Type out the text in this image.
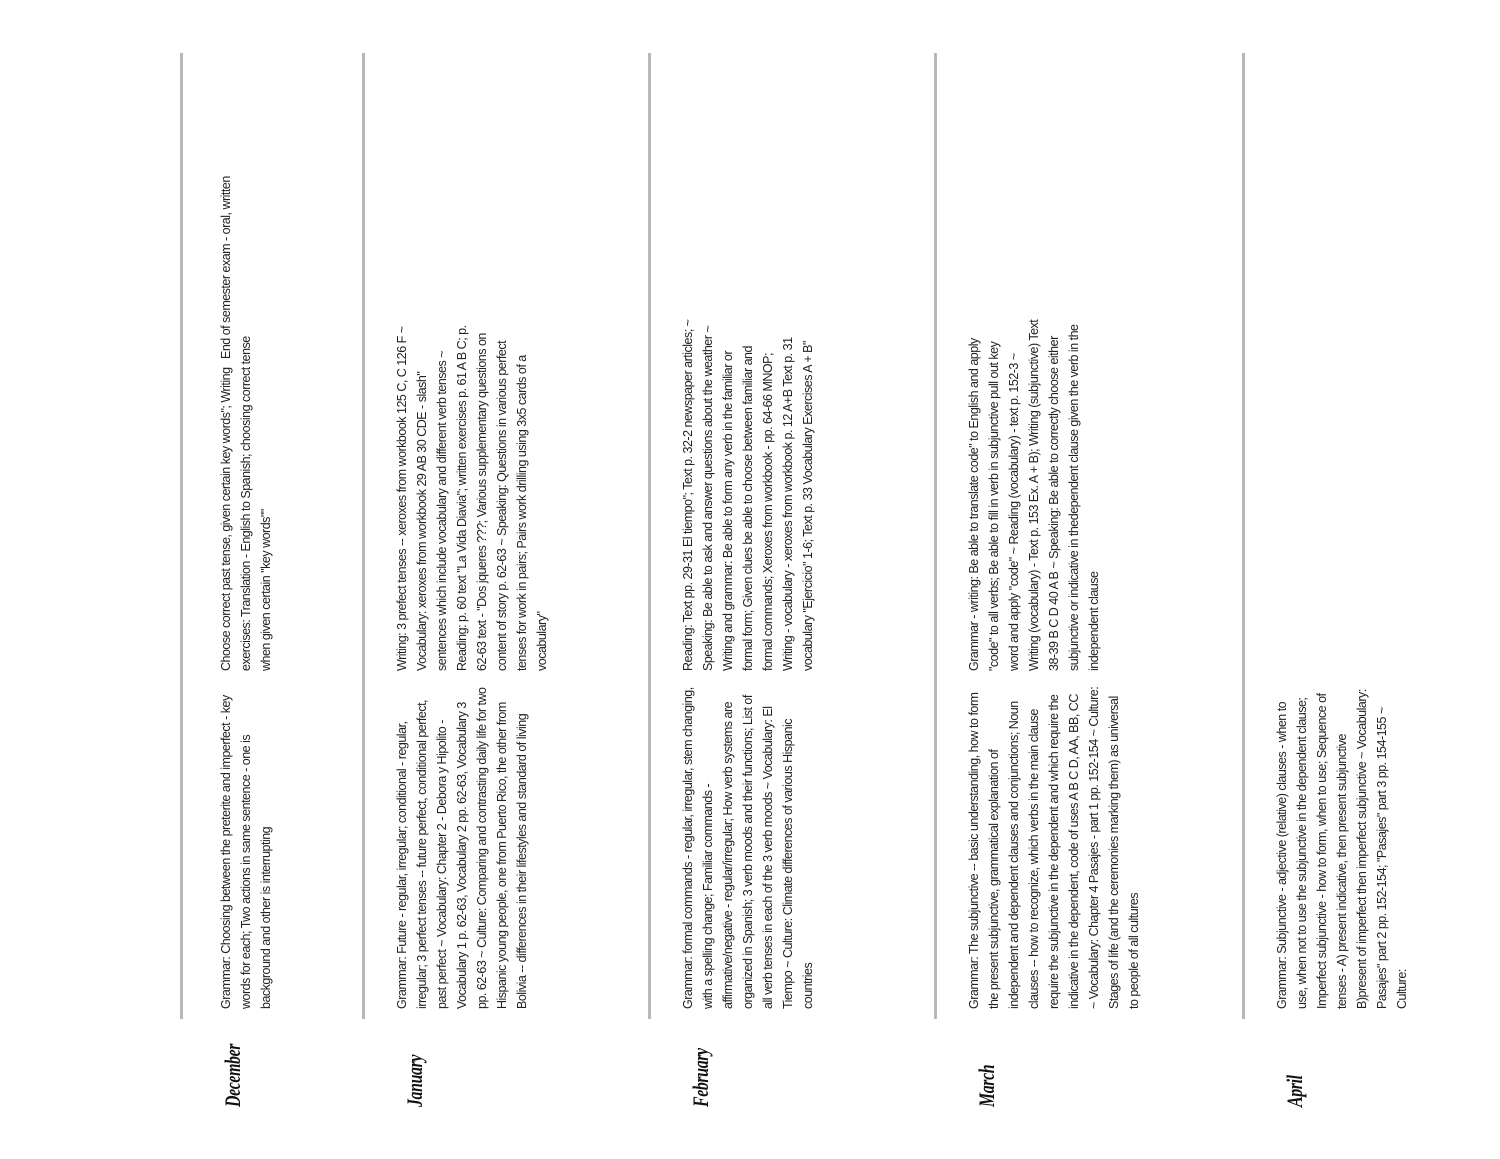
December
Grammar: Choosing between the preterite and imperfect - key words for each; Two actions in same sentence - one is background and other is interrupting
Choose correct past tense, given certain key words"; Writing exercises: Translation - English to Spanish; choosing correct tense when given certain "key words""
End of semester exam - oral, written
January
Grammar: Future - regular, irregular; conditional - regular, irregular; 3 perfect tenses -- future perfect, conditional perfect, past perfect ~ Vocabulary: Chapter 2 - Debora y Hipolito - Vocabulary 1 p. 62-63, Vocabulary 2 pp. 62-63, Vocabulary 3 pp. 62-63 ~ Culture: Comparing and contrasting daily life for two Hispanic young people, one from Puerto Rico, the other from Bolivia -- differences in their lifestyles and standard of living
Writing: 3 prefect tenses -- xeroxes from workbook 125 C, C 126 F ~ Vocabulary: xeroxes from workbook 29 AB 30 CDE - slash" sentences which include vocabulary and different verb tenses ~ Reading: p. 60 text "La Vida Diavia"; written exercises p. 61 A B C; p. 62-63 text - "Dos jqueres ???; Various supplementary questions on content of story p. 62-63 ~ Speaking: Questions in various perfect tenses for work in pairs; Pairs work drilling using 3x5 cards of a vocabulary"
February
Grammar: formal commands - regular, irregular, stem changing, with a spelling change; Familiar commands - affirmative/negative - regular/irregular; How verb systems are organized in Spanish; 3 verb moods and their functions; List of all verb tenses in each of the 3 verb moods ~ Vocabulary: El Tiempo ~ Culture: Climate differences of various Hispanic countries
Reading: Text pp. 29-31 El tiempo"; Text p. 32-2 newspaper articles; ~ Speaking: Be able to ask and answer questions about the weather ~ Writing and grammar: Be able to form any verb in the familiar or formal form; Given clues be able to choose between familiar and formal commands; Xeroxes from workbook - pp. 64-66 MNOP; Writing - vocabulary - xeroxes from workbook p. 12 A+B Text p. 31 vocabulary "Ejercicio" 1-6; Text p. 33 Vocabulary Exercises A + B"
March
Grammar: The subjunctive -- basic understanding, how to form the present subjunctive, grammatical explanation of independent and dependent clauses and conjunctions; Noun clauses -- how to recognize, which verbs in the main clause require the subjunctive in the dependent and which require the indicative in the dependent, code of uses A B C D, AA, BB, CC ~ Vocabulary: Chapter 4 Pasajes - part 1 pp. 152-154 ~ Culture: Stages of life (and the ceremonies marking them) as universal to people of all cultures
Grammar - writing: Be able to translate code" to English and apply "code" to all verbs; Be able to fill in verb in subjunctive pull out key word and apply "code" ~ Reading (vocabulary) - text p. 152-3 ~ Writing (vocabulary) - Text p. 153 Ex. A + B); Writing (subjunctive) Text 38-39 B C D 40 A B ~ Speaking: Be able to correctly choose either subjunctive or indicative in thedependent clause given the verb in the independent clause
April
Grammar: Subjunctive - adjective (relative) clauses - when to use, when not to use the subjunctive in the dependent clause; Imperfect subjunctive - how to form, when to use; Sequence of tenses - A) present indicative, then present subjunctive B)present of imperfect then imperfect subjunctive ~ Vocabulary: Pasajes" part 2 pp. 152-154; "Pasajes" part 3 pp. 154-155 ~ Culture:
